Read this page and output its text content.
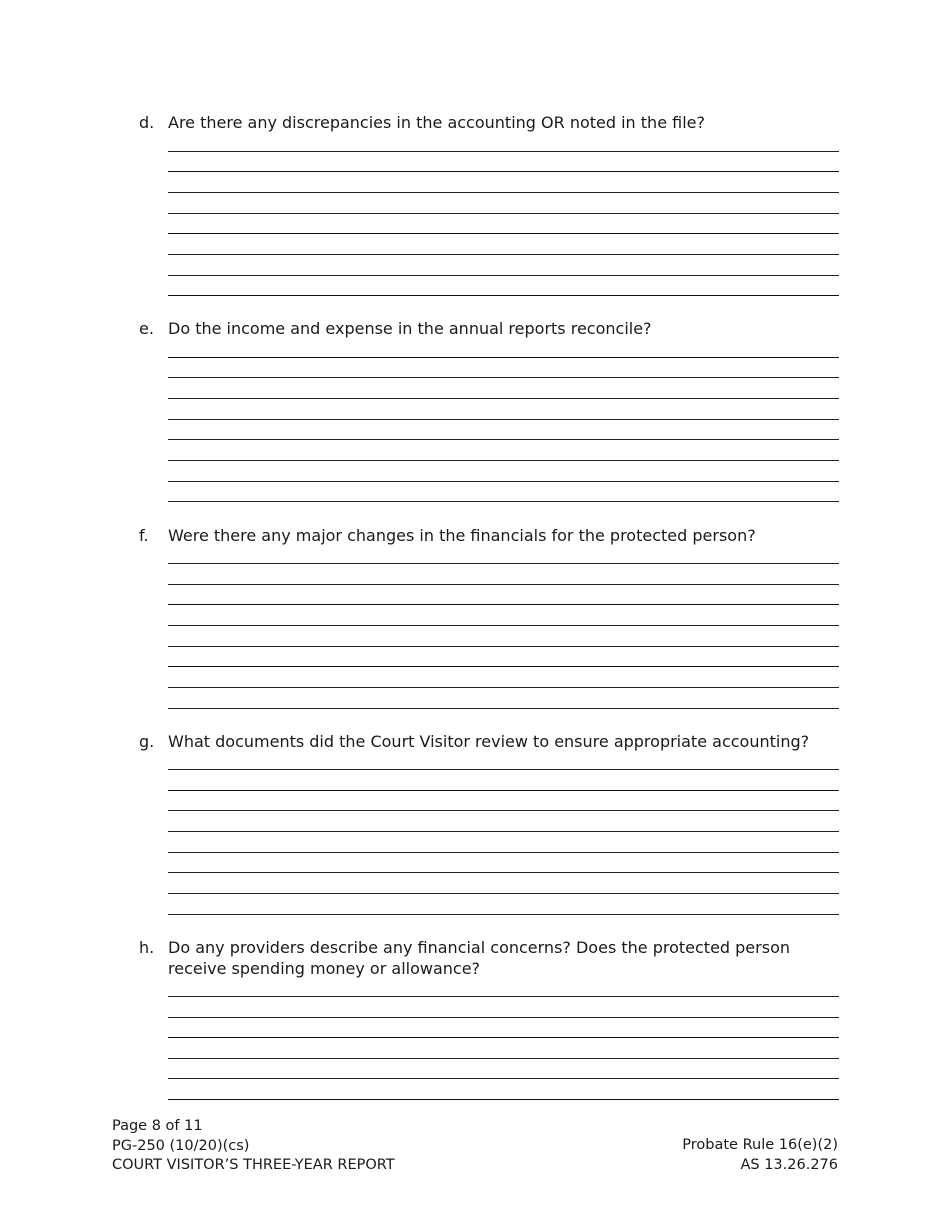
d. Are there any discrepancies in the accounting OR noted in the file?
e. Do the income and expense in the annual reports reconcile?
f. Were there any major changes in the financials for the protected person?
g. What documents did the Court Visitor review to ensure appropriate accounting?
h. Do any providers describe any financial concerns? Does the protected person receive spending money or allowance?
Page 8 of 11
PG-250 (10/20)(cs)
COURT VISITOR’S THREE-YEAR REPORT
Probate Rule 16(e)(2)
AS 13.26.276
